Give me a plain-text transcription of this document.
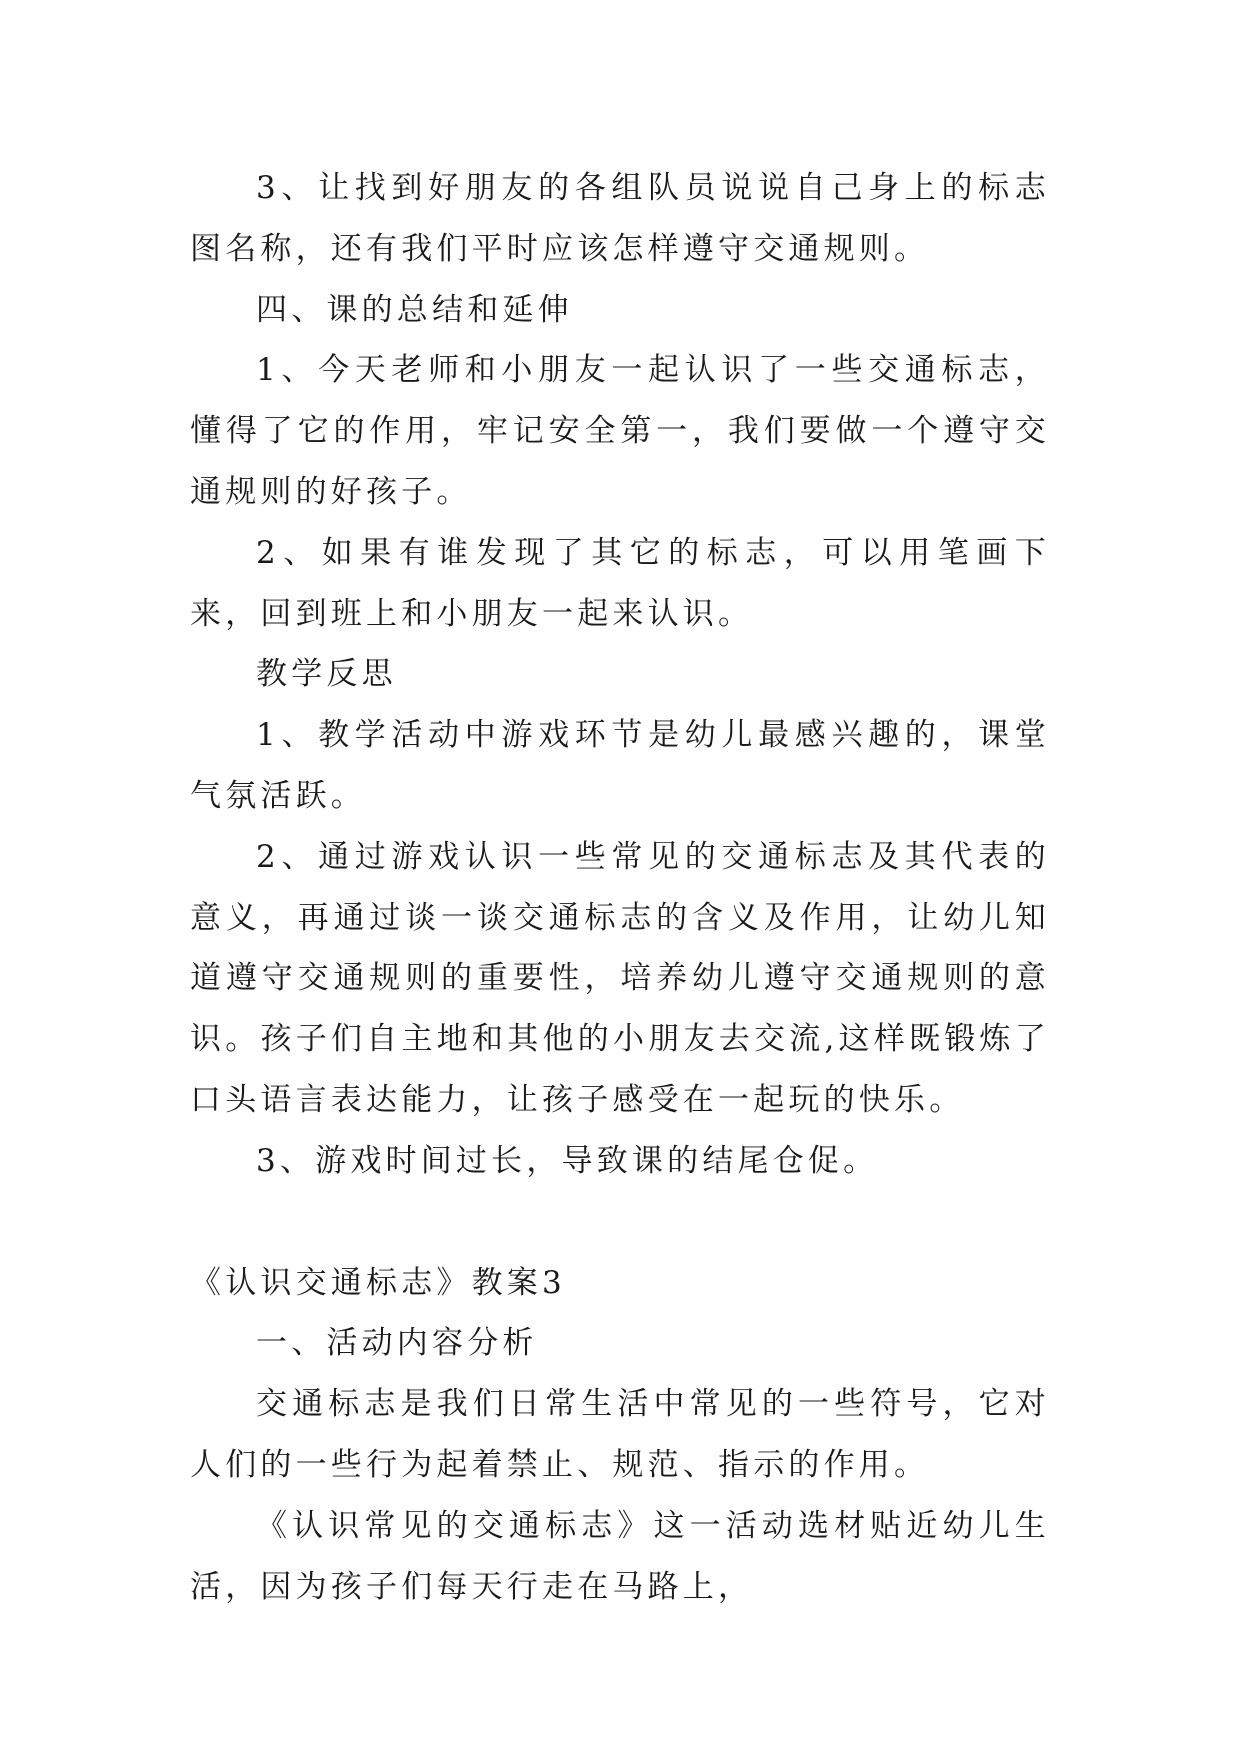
3、让找到好朋友的各组队员说说自己身上的标志图名称，还有我们平时应该怎样遵守交通规则。

四、课的总结和延伸

1、今天老师和小朋友一起认识了一些交通标志，懂得了它的作用，牢记安全第一，我们要做一个遵守交通规则的好孩子。

2、如果有谁发现了其它的标志，可以用笔画下来，回到班上和小朋友一起来认识。

教学反思

1、教学活动中游戏环节是幼儿最感兴趣的，课堂气氛活跃。

2、通过游戏认识一些常见的交通标志及其代表的意义，再通过谈一谈交通标志的含义及作用，让幼儿知道遵守交通规则的重要性，培养幼儿遵守交通规则的意识。孩子们自主地和其他的小朋友去交流,这样既锻炼了口头语言表达能力，让孩子感受在一起玩的快乐。

3、游戏时间过长，导致课的结尾仓促。

《认识交通标志》教案3

一、活动内容分析

交通标志是我们日常生活中常见的一些符号，它对人们的一些行为起着禁止、规范、指示的作用。

《认识常见的交通标志》这一活动选材贴近幼儿生活，因为孩子们每天行走在马路上，
